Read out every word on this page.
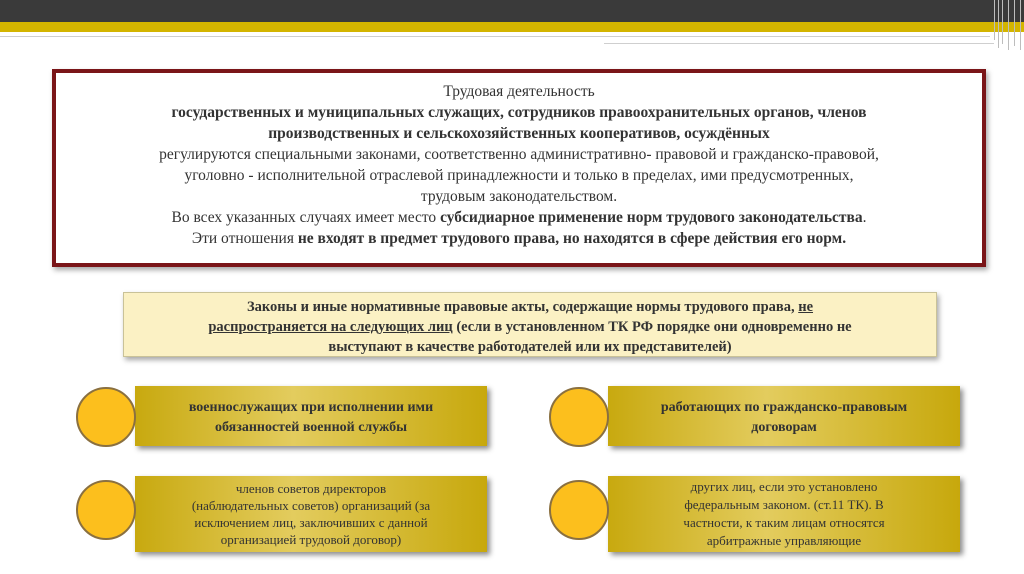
Трудовая деятельность
государственных и муниципальных служащих, сотрудников правоохранительных органов, членов
производственных и сельскохозяйственных кооперативов, осуждённых
регулируются специальными законами, соответственно административно- правовой и гражданско-правовой,
уголовно - исполнительной отраслевой принадлежности и только в пределах, ими предусмотренных,
трудовым законодательством.
Во всех указанных случаях имеет место субсидиарное применение норм трудового законодательства.
Эти отношения не входят в предмет трудового права, но находятся в сфере действия его норм.
Законы и иные нормативные правовые акты, содержащие нормы трудового права, не
распространяется на следующих лиц (если в установленном ТК РФ порядке они одновременно не
выступают в качестве работодателей или их представителей)
военнослужащих при исполнении ими
обязанностей военной службы
работающих по гражданско-правовым
договорам
членов советов директоров
(наблюдательных советов) организаций (за
исключением лиц, заключивших с данной
организацией трудовой договор)
других лиц, если это установлено
федеральным законом. (ст.11 ТК). В
частности, к таким лицам относятся
арбитражные управляющие
